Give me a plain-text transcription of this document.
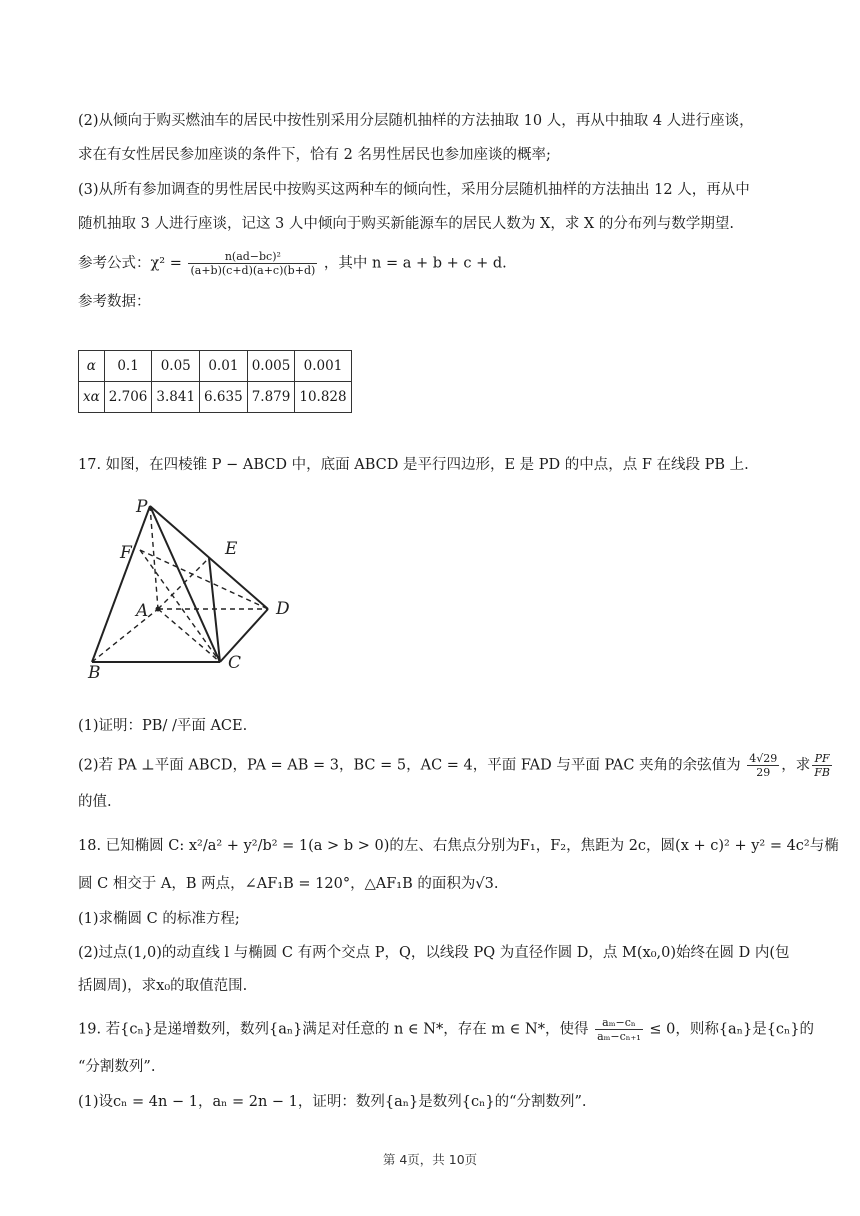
(2)从倾向于购买燃油车的居民中按性别采用分层随机抽样的方法抽取 10 人，再从中抽取 4 人进行座谈，
求在有女性居民参加座谈的条件下，恰有 2 名男性居民也参加座谈的概率;
(3)从所有参加调查的男性居民中按购买这两种车的倾向性，采用分层随机抽样的方法抽出 12 人，再从中
随机抽取 3 人进行座谈，记这 3 人中倾向于购买新能源车的居民人数为 X，求 X 的分布列与数学期望.
参考公式：$\chi^2 = \frac{\text{n(ad−bc)²}}{(a+b)(c+d)(a+c)(b+d)}$ ，其中 n = a + b + c + d.
参考数据：
α	0.1	0.05	0.01	0.005	0.001
xα	2.706	3.841	6.635	7.879	10.828
17. 如图，在四棱锥 P − ABCD 中，底面 ABCD 是平行四边形，E 是 PD 的中点，点 F 在线段 PB 上.
P
F	E
A	D
B	C
(1)证明：PB/ /平面 ACE.
(2)若 PA ⊥平面 ABCD，PA = AB = 3，BC = 5，AC = 4，平面 FAD 与平面 PAC 夹角的余弦值为 $\frac{4√29}{29}$ ，求 $\frac{PF}{FB}$
的值.
18. 已知椭圆 C: x²/a² + y²/b² = 1(a > b > 0)的左、右焦点分别为F₁，F₂，焦距为 2c，圆(x + c)² + y² = 4c²与椭
圆 C 相交于 A，B 两点，∠AF₁B = 120°，△AF₁B 的面积为√3.
(1)求椭圆 C 的标准方程;
(2)过点(1,0)的动直线 l 与椭圆 C 有两个交点 P，Q，以线段 PQ 为直径作圆 D，点 M(x₀,0)始终在圆 D 内(包
括圆周)，求x₀的取值范围.
19. 若{cₙ}是递增数列，数列{aₙ}满足对任意的 n ∈ N*，存在 m ∈ N*，使得 $\frac{\text{aₘ−cₙ}}{\text{aₘ−cₙ₊₁}} \le 0$，则称{aₙ}是{cₙ}的
“分割数列”.
(1)设cₙ = 4n − 1，aₙ = 2n − 1，证明：数列{aₙ}是数列{cₙ}的“分割数列”.
第 4页，共 10页
